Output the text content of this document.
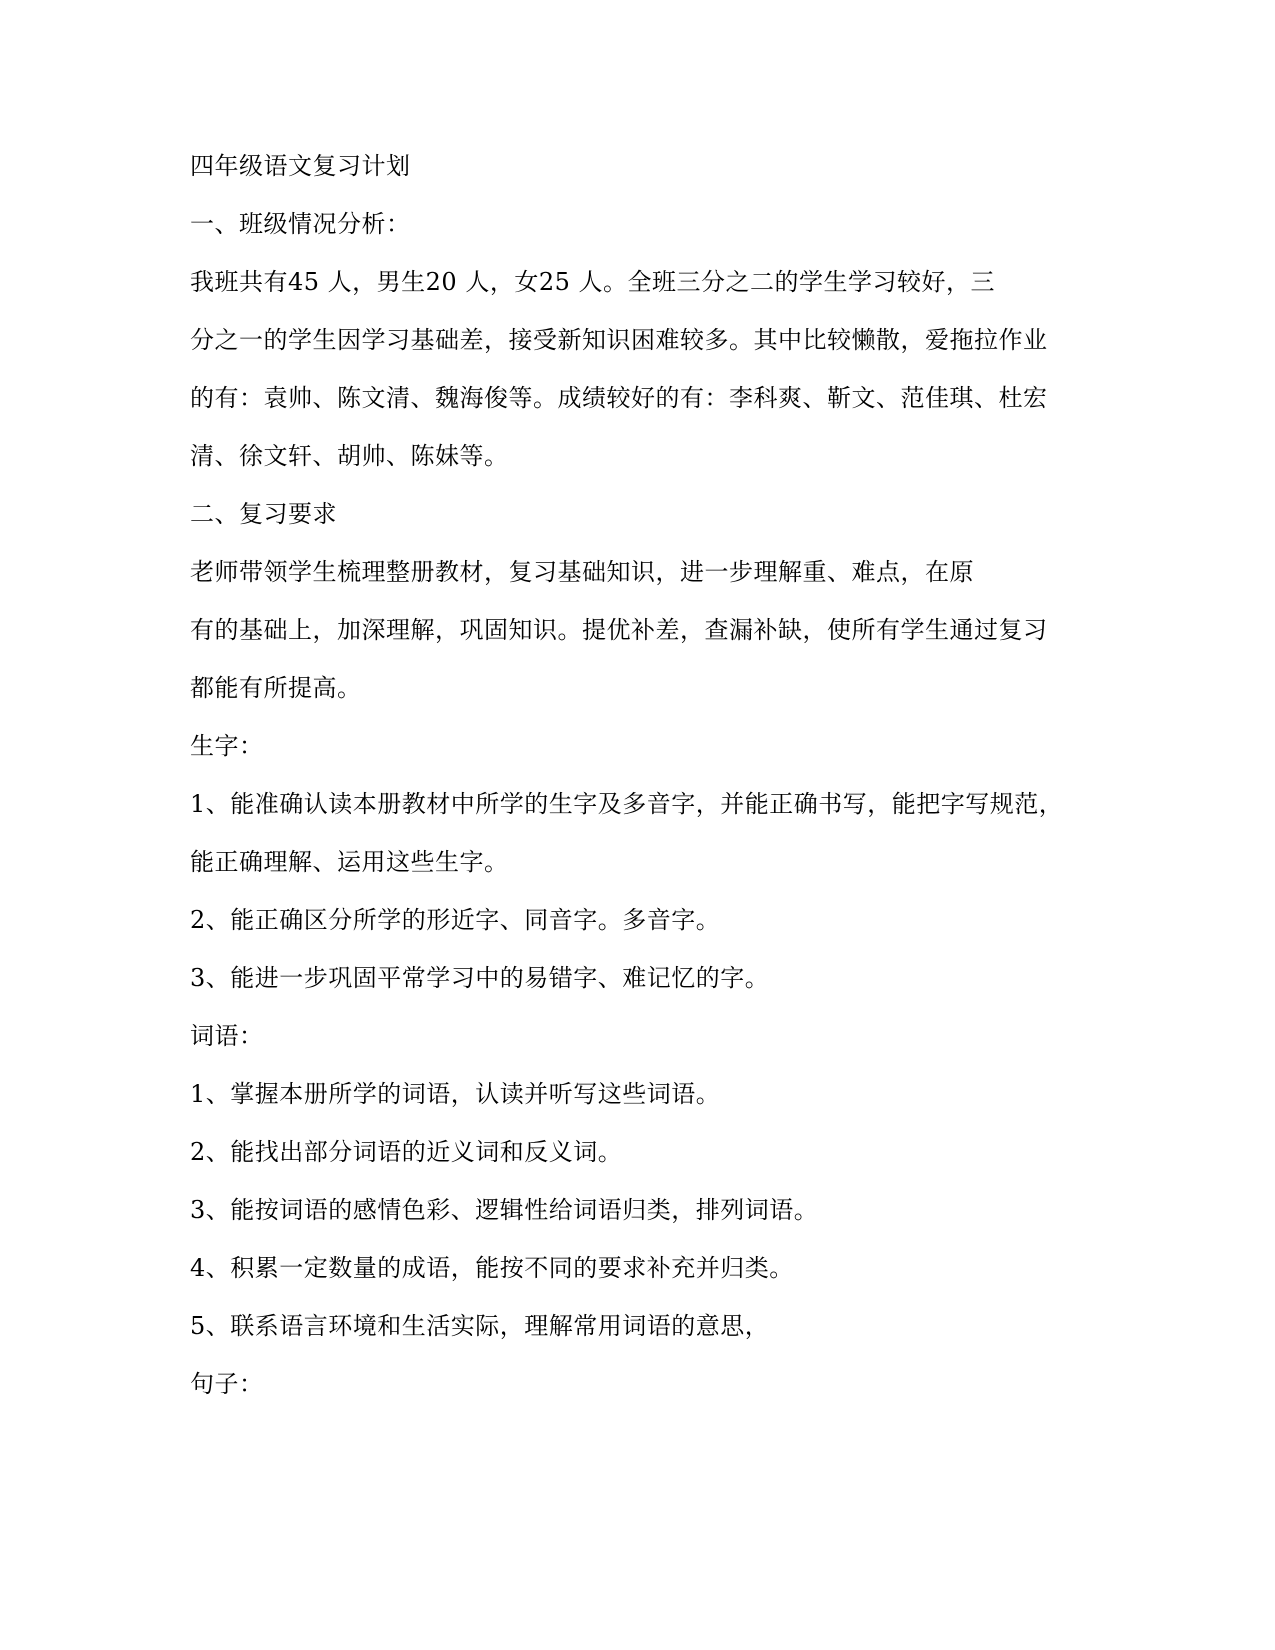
四年级语文复习计划
一、班级情况分析：
我班共有45 人，男生20 人，女25 人。全班三分之二的学生学习较好，三
分之一的学生因学习基础差，接受新知识困难较多。其中比较懒散，爱拖拉作业
的有：袁帅、陈文清、魏海俊等。成绩较好的有：李科爽、靳文、范佳琪、杜宏
清、徐文轩、胡帅、陈妹等。
二、复习要求
老师带领学生梳理整册教材，复习基础知识，进一步理解重、难点，在原
有的基础上，加深理解，巩固知识。提优补差，查漏补缺，使所有学生通过复习
都能有所提高。
生字：
1、能准确认读本册教材中所学的生字及多音字，并能正确书写，能把字写规范，
能正确理解、运用这些生字。
2、能正确区分所学的形近字、同音字。多音字。
3、能进一步巩固平常学习中的易错字、难记忆的字。
词语：
1、掌握本册所学的词语，认读并听写这些词语。
2、能找出部分词语的近义词和反义词。
3、能按词语的感情色彩、逻辑性给词语归类，排列词语。
4、积累一定数量的成语，能按不同的要求补充并归类。
5、联系语言环境和生活实际，理解常用词语的意思，
句子：
